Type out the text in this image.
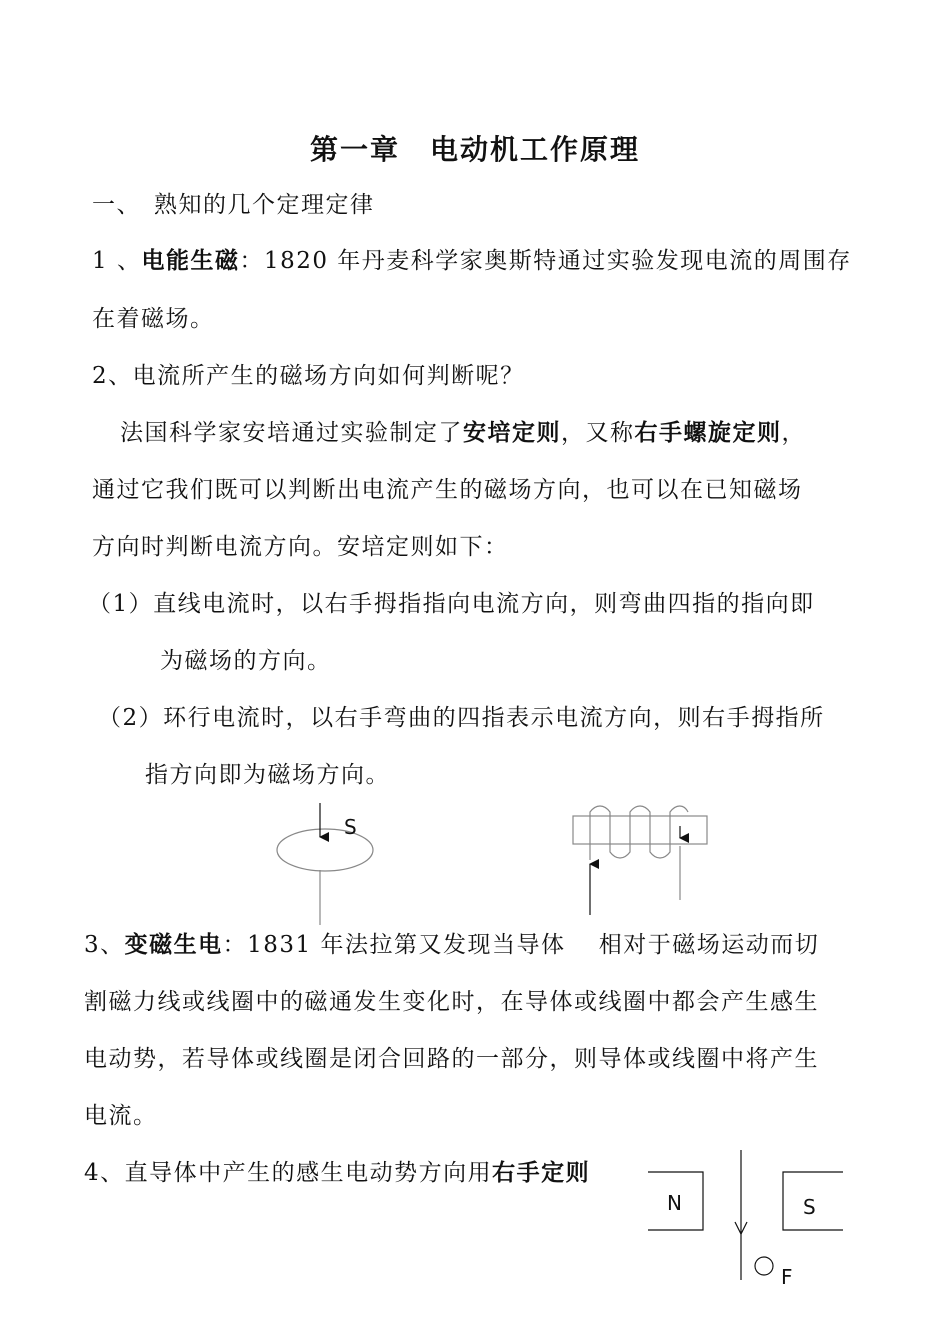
第一章　电动机工作原理
一、　熟知的几个定理定律
1 、电能生磁：1820 年丹麦科学家奥斯特通过实验发现电流的周围存
在着磁场。
2、电流所产生的磁场方向如何判断呢？
法国科学家安培通过实验制定了安培定则，又称右手螺旋定则，
通过它我们既可以判断出电流产生的磁场方向，也可以在已知磁场
方向时判断电流方向。安培定则如下：
（1）直线电流时，以右手拇指指向电流方向，则弯曲四指的指向即
为磁场的方向。
（2）环行电流时，以右手弯曲的四指表示电流方向，则右手拇指所
指方向即为磁场方向。
3、变磁生电：1831 年法拉第又发现当导体　 相对于磁场运动而切
割磁力线或线圈中的磁通发生变化时，在导体或线圈中都会产生感生
电动势，若导体或线圈是闭合回路的一部分，则导体或线圈中将产生
电流。
4、直导体中产生的感生电动势方向用右手定则
S
N	S
F
